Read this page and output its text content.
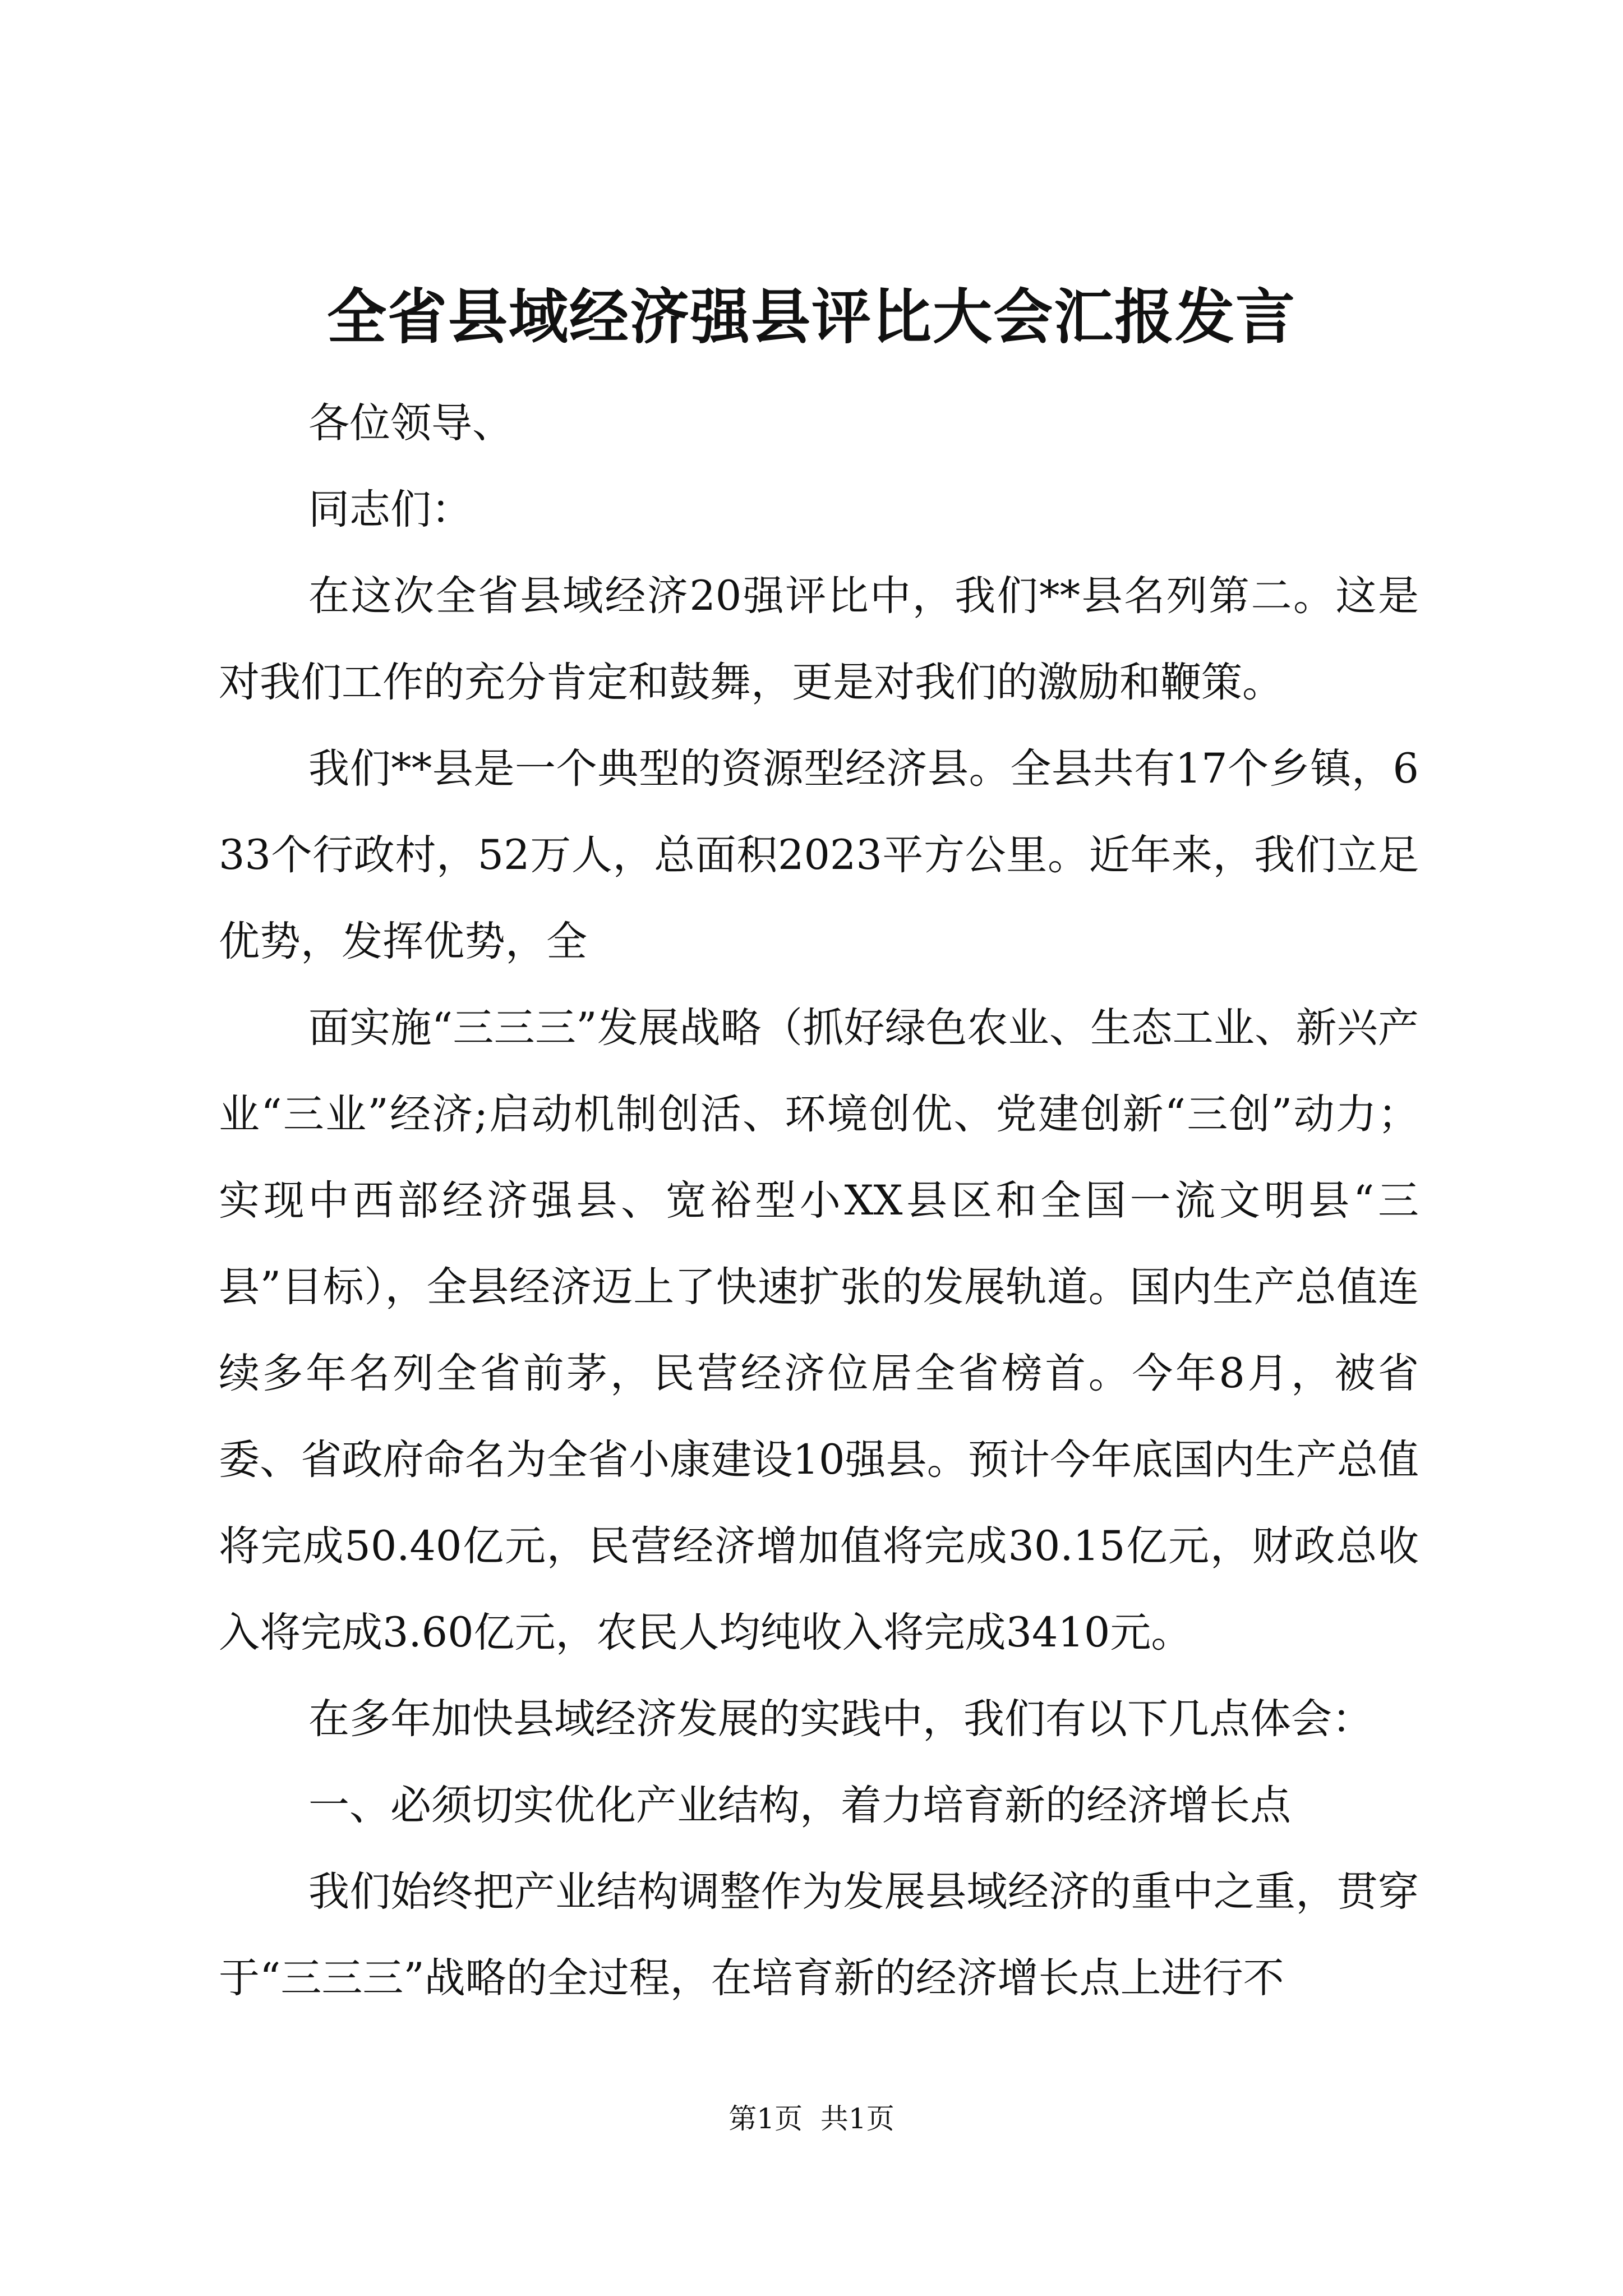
全省县域经济强县评比大会汇报发言

各位领导、

同志们：

在这次全省县域经济20强评比中，我们**县名列第二。这是对我们工作的充分肯定和鼓舞，更是对我们的激励和鞭策。

我们**县是一个典型的资源型经济县。全县共有17个乡镇，633个行政村，52万人，总面积2023平方公里。近年来，我们立足优势，发挥优势，全

面实施“三三三”发展战略（抓好绿色农业、生态工业、新兴产业“三业”经济;启动机制创活、环境创优、党建创新“三创”动力；实现中西部经济强县、宽裕型小XX县区和全国一流文明县“三县”目标），全县经济迈上了快速扩张的发展轨道。国内生产总值连续多年名列全省前茅，民营经济位居全省榜首。今年8月，被省委、省政府命名为全省小康建设10强县。预计今年底国内生产总值将完成50.40亿元，民营经济增加值将完成30.15亿元，财政总收入将完成3.60亿元，农民人均纯收入将完成3410元。

在多年加快县域经济发展的实践中，我们有以下几点体会：

一、必须切实优化产业结构，着力培育新的经济增长点

我们始终把产业结构调整作为发展县域经济的重中之重，贯穿于“三三三”战略的全过程，在培育新的经济增长点上进行不

第1页  共1页
